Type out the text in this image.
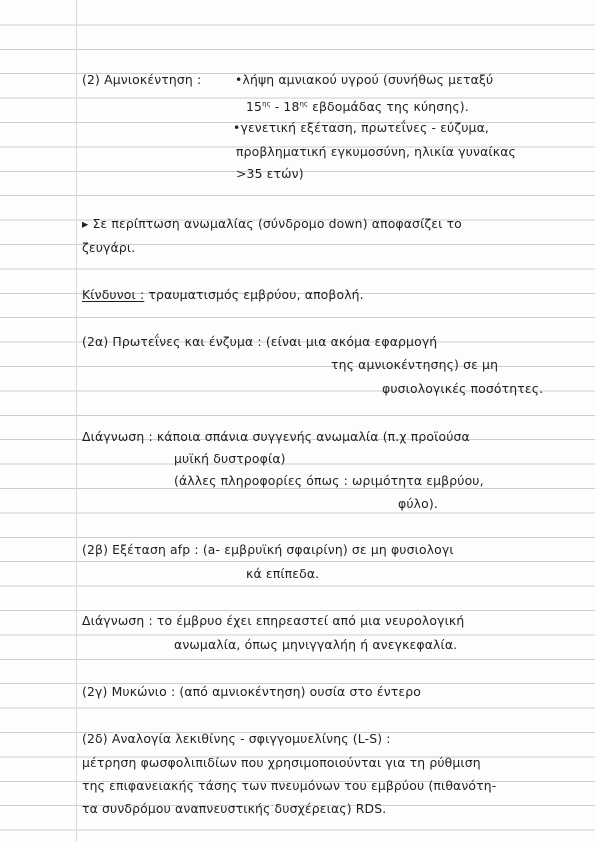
(2) Αμνιοκέντηση :	•λήψη αμνιακού υγρού (συνήθως μεταξύ
$15^{\eta\varsigma} - 18^{\eta\varsigma}$ εβδομάδας της κύησης).
•γενετική εξέταση, πρωτεΐνες - εύζυμα,
προβληματική εγκυμοσύνη, ηλικία γυναίκας
>35 ετών)
▸ Σε περίπτωση ανωμαλίας (σύνδρομο down) αποφασίζει το
ζευγάρι.
Κίνδυνοι : τραυματισμός εμβρύου, αποβολή.
(2α) Πρωτεΐνες και ένζυμα : (είναι μια ακόμα εφαρμογή
της αμνιοκέντησης) σε μη
φυσιολογικές ποσότητες.
Διάγνωση : κάποια σπάνια συγγενής ανωμαλία (π.χ προϊούσα
μυϊκή δυστροφία)
(άλλες πληροφορίες όπως : ωριμότητα εμβρύου,
φύλο).
(2β) Εξέταση afp : (a- εμβρυϊκή σφαιρίνη) σε μη φυσιολογι
κά επίπεδα.
Διάγνωση : το έμβρυο έχει επηρεαστεί από μια νευρολογική
ανωμαλία, όπως μηνιγγαλήη ή ανεγκεφαλία.
(2γ) Μυκώνιο : (από αμνιοκέντηση) ουσία στο έντερο
(2δ) Αναλογία λεκιθίνης - σφιγγομυελίνης (L-S) :
μέτρηση φωσφολιπιδίων που χρησιμοποιούνται για τη ρύθμιση
της επιφανειακής τάσης των πνευμόνων του εμβρύου (πιθανότη-
τα συνδρόμου αναπνευστικής δυσχέρειας) RDS.
